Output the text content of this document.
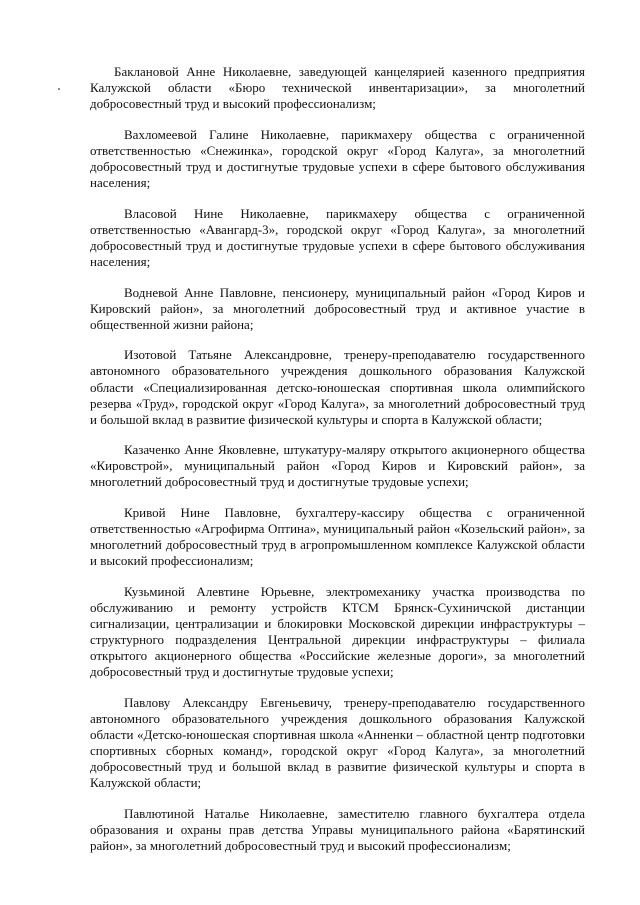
Баклановой Анне Николаевне, заведующей канцелярией казенного предприятия Калужской области «Бюро технической инвентаризации», за многолетний добросовестный труд и высокий профессионализм;

Вахломеевой Галине Николаевне, парикмахеру общества с ограниченной ответственностью «Снежинка», городской округ «Город Калуга», за многолетний добросовестный труд и достигнутые трудовые успехи в сфере бытового обслуживания населения;

Власовой Нине Николаевне, парикмахеру общества с ограниченной ответственностью «Авангард-3», городской округ «Город Калуга», за многолетний добросовестный труд и достигнутые трудовые успехи в сфере бытового обслуживания населения;

Водневой Анне Павловне, пенсионеру, муниципальный район «Город Киров и Кировский район», за многолетний добросовестный труд и активное участие в общественной жизни района;

Изотовой Татьяне Александровне, тренеру-преподавателю государственного автономного образовательного учреждения дошкольного образования Калужской области «Специализированная детско-юношеская спортивная школа олимпийского резерва «Труд», городской округ «Город Калуга», за многолетний добросовестный труд и большой вклад в развитие физической культуры и спорта в Калужской области;

Казаченко Анне Яковлевне, штукатуру-маляру открытого акционерного общества «Кировстрой», муниципальный район «Город Киров и Кировский район», за многолетний добросовестный труд и достигнутые трудовые успехи;

Кривой Нине Павловне, бухгалтеру-кассиру общества с ограниченной ответственностью «Агрофирма Оптина», муниципальный район «Козельский район», за многолетний добросовестный труд в агропромышленном комплексе Калужской области и высокий профессионализм;

Кузьминой Алевтине Юрьевне, электромеханику участка производства по обслуживанию и ремонту устройств КТСМ Брянск-Сухиничской дистанции сигнализации, централизации и блокировки Московской дирекции инфраструктуры – структурного подразделения Центральной дирекции инфраструктуры – филиала открытого акционерного общества «Российские железные дороги», за многолетний добросовестный труд и достигнутые трудовые успехи;

Павлову Александру Евгеньевичу, тренеру-преподавателю государственного автономного образовательного учреждения дошкольного образования Калужской области «Детско-юношеская спортивная школа «Анненки – областной центр подготовки спортивных сборных команд», городской округ «Город Калуга», за многолетний добросовестный труд и большой вклад в развитие физической культуры и спорта в Калужской области;

Павлютиной Наталье Николаевне, заместителю главного бухгалтера отдела образования и охраны прав детства Управы муниципального района «Барятинский район», за многолетний добросовестный труд и высокий профессионализм;
